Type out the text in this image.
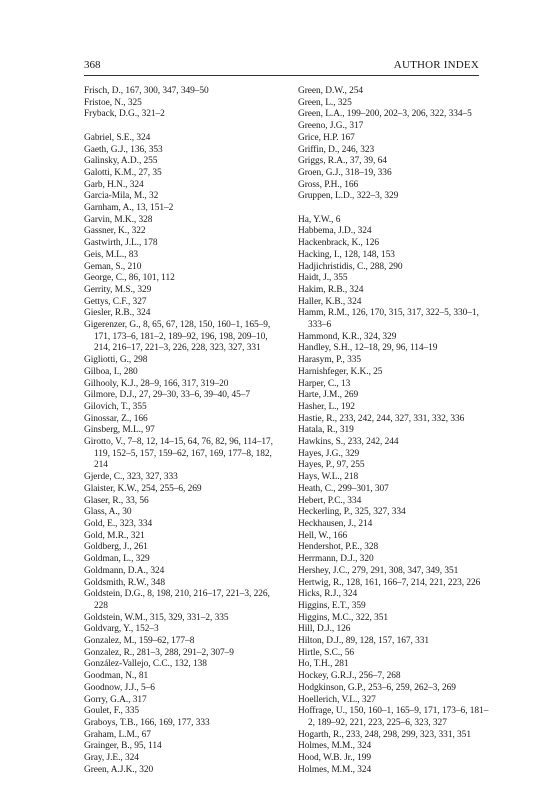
368	AUTHOR INDEX
Frisch, D., 167, 300, 347, 349–50
Fristoe, N., 325
Fryback, D.G., 321–2
Gabriel, S.E., 324
Gaeth, G.J., 136, 353
Galinsky, A.D., 255
Galotti, K.M., 27, 35
Garb, H.N., 324
Garcia-Mila, M., 32
Garnham, A., 13, 151–2
Garvin, M.K., 328
Gassner, K., 322
Gastwirth, J.L., 178
Geis, M.L., 83
Geman, S., 210
George, C., 86, 101, 112
Gerrity, M.S., 329
Gettys, C.F., 327
Giesler, R.B., 324
Gigerenzer, G., 8, 65, 67, 128, 150, 160–1, 165–9, 171, 173–6, 181–2, 189–92, 196, 198, 209–10, 214, 216–17, 221–3, 226, 228, 323, 327, 331
Gigliotti, G., 298
Gilboa, I., 280
Gilhooly, K.J., 28–9, 166, 317, 319–20
Gilmore, D.J., 27, 29–30, 33–6, 39–40, 45–7
Gilovich, T., 355
Ginossar, Z., 166
Ginsberg, M.L., 97
Girotto, V., 7–8, 12, 14–15, 64, 76, 82, 96, 114–17, 119, 152–5, 157, 159–62, 167, 169, 177–8, 182, 214
Gjerde, C., 323, 327, 333
Glaister, K.W., 254, 255–6, 269
Glaser, R., 33, 56
Glass, A., 30
Gold, E., 323, 334
Gold, M.R., 321
Goldberg, J., 261
Goldman, L., 329
Goldmann, D.A., 324
Goldsmith, R.W., 348
Goldstein, D.G., 8, 198, 210, 216–17, 221–3, 226, 228
Goldstein, W.M., 315, 329, 331–2, 335
Goldvarg, Y., 152–3
Gonzalez, M., 159–62, 177–8
Gonzalez, R., 281–3, 288, 291–2, 307–9
González-Vallejo, C.C., 132, 138
Goodman, N., 81
Goodnow, J.J., 5–6
Gorry, G.A., 317
Goulet, F., 335
Graboys, T.B., 166, 169, 177, 333
Graham, L.M., 67
Grainger, B., 95, 114
Gray, J.E., 324
Green, A.J.K., 320
Green, D.W., 254
Green, L., 325
Green, L.A., 199–200, 202–3, 206, 322, 334–5
Greeno, J.G., 317
Grice, H.P. 167
Griffin, D., 246, 323
Griggs, R.A., 37, 39, 64
Groen, G.J., 318–19, 336
Gross, P.H., 166
Gruppen, L.D., 322–3, 329
Ha, Y.W., 6
Habbema, J.D., 324
Hackenbrack, K., 126
Hacking, I., 128, 148, 153
Hadjichristidis, C., 288, 290
Haidt, J., 355
Hakim, R.B., 324
Haller, K.B., 324
Hamm, R.M., 126, 170, 315, 317, 322–5, 330–1, 333–6
Hammond, K.R., 324, 329
Handley, S.H., 12–18, 29, 96, 114–19
Harasym, P., 335
Harnishfeger, K.K., 25
Harper, C., 13
Harte, J.M., 269
Hasher, L., 192
Hastie, R., 233, 242, 244, 327, 331, 332, 336
Hatala, R., 319
Hawkins, S., 233, 242, 244
Hayes, J.G., 329
Hayes, P., 97, 255
Hays, W.L., 218
Heath, C., 299–301, 307
Hebert, P.C., 334
Heckerling, P., 325, 327, 334
Heckhausen, J., 214
Hell, W., 166
Hendershot, P.E., 328
Herrmann, D.J., 320
Hershey, J.C., 279, 291, 308, 347, 349, 351
Hertwig, R., 128, 161, 166–7, 214, 221, 223, 226
Hicks, R.J., 324
Higgins, E.T., 359
Higgins, M.C., 322, 351
Hill, D.J., 126
Hilton, D.J., 89, 128, 157, 167, 331
Hirtle, S.C., 56
Ho, T.H., 281
Hockey, G.R.J., 256–7, 268
Hodgkinson, G.P., 253–6, 259, 262–3, 269
Hoellerich, V.L., 327
Hoffrage, U., 150, 160–1, 165–9, 171, 173–6, 181–2, 189–92, 221, 223, 225–6, 323, 327
Hogarth, R., 233, 248, 298, 299, 323, 331, 351
Holmes, M.M., 324
Hood, W.B. Jr., 199
Holmes, M.M., 324
